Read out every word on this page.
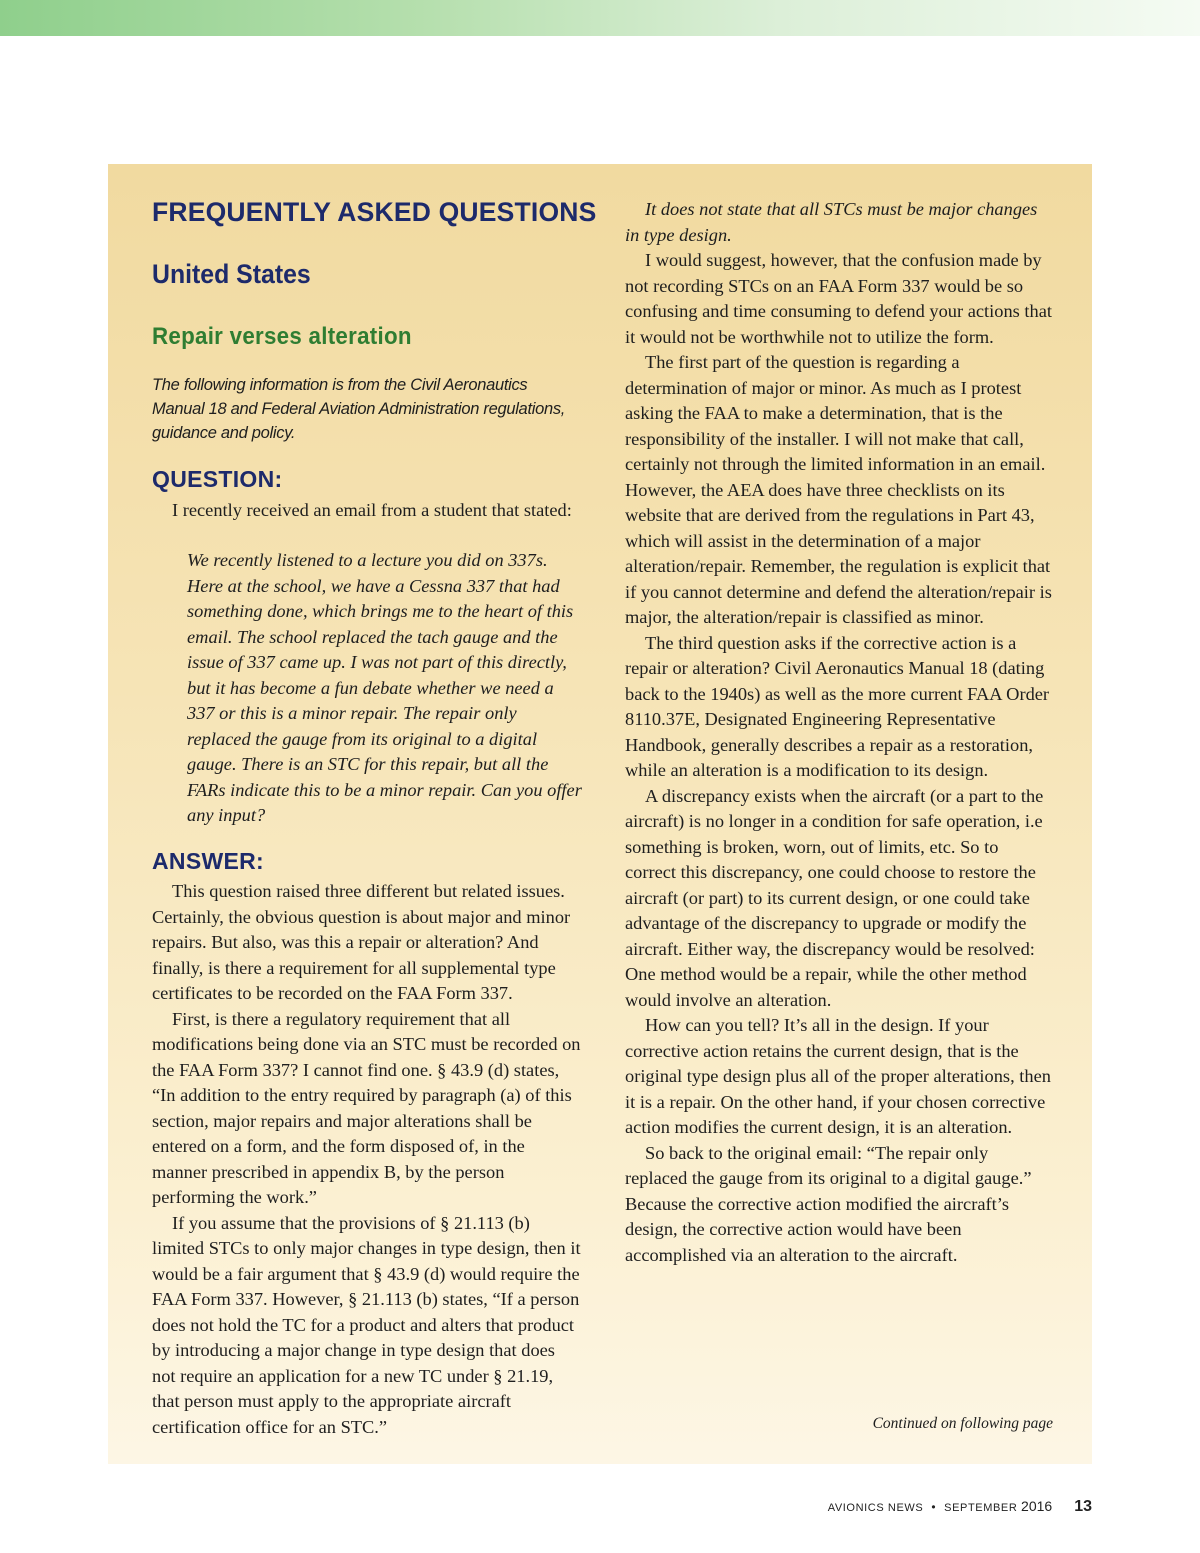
FREQUENTLY ASKED QUESTIONS
United States
Repair verses alteration

The following information is from the Civil Aeronautics Manual 18 and Federal Aviation Administration regulations, guidance and policy.

QUESTION:

I recently received an email from a student that stated:

We recently listened to a lecture you did on 337s. Here at the school, we have a Cessna 337 that had something done, which brings me to the heart of this email. The school replaced the tach gauge and the issue of 337 came up. I was not part of this directly, but it has become a fun debate whether we need a 337 or this is a minor repair. The repair only replaced the gauge from its original to a digital gauge. There is an STC for this repair, but all the FARs indicate this to be a minor repair. Can you offer any input?

ANSWER:

This question raised three different but related issues. Certainly, the obvious question is about major and minor repairs. But also, was this a repair or alteration? And finally, is there a requirement for all supplemental type certificates to be recorded on the FAA Form 337.

First, is there a regulatory requirement that all modifications being done via an STC must be recorded on the FAA Form 337? I cannot find one. § 43.9 (d) states, “In addition to the entry required by paragraph (a) of this section, major repairs and major alterations shall be entered on a form, and the form disposed of, in the manner prescribed in appendix B, by the person performing the work.”

If you assume that the provisions of § 21.113 (b) limited STCs to only major changes in type design, then it would be a fair argument that § 43.9 (d) would require the FAA Form 337. However, § 21.113 (b) states, “If a person does not hold the TC for a product and alters that product by introducing a major change in type design that does not require an application for a new TC under § 21.19, that person must apply to the appropriate aircraft certification office for an STC.”

It does not state that all STCs must be major changes in type design.

I would suggest, however, that the confusion made by not recording STCs on an FAA Form 337 would be so confusing and time consuming to defend your actions that it would not be worthwhile not to utilize the form.

The first part of the question is regarding a determination of major or minor. As much as I protest asking the FAA to make a determination, that is the responsibility of the installer. I will not make that call, certainly not through the limited information in an email. However, the AEA does have three checklists on its website that are derived from the regulations in Part 43, which will assist in the determination of a major alteration/repair. Remember, the regulation is explicit that if you cannot determine and defend the alteration/repair is major, the alteration/repair is classified as minor.

The third question asks if the corrective action is a repair or alteration? Civil Aeronautics Manual 18 (dating back to the 1940s) as well as the more current FAA Order 8110.37E, Designated Engineering Representative Handbook, generally describes a repair as a restoration, while an alteration is a modification to its design.

A discrepancy exists when the aircraft (or a part to the aircraft) is no longer in a condition for safe operation, i.e something is broken, worn, out of limits, etc. So to correct this discrepancy, one could choose to restore the aircraft (or part) to its current design, or one could take advantage of the discrepancy to upgrade or modify the aircraft. Either way, the discrepancy would be resolved: One method would be a repair, while the other method would involve an alteration.

How can you tell? It’s all in the design. If your corrective action retains the current design, that is the original type design plus all of the proper alterations, then it is a repair. On the other hand, if your chosen corrective action modifies the current design, it is an alteration.

So back to the original email: “The repair only replaced the gauge from its original to a digital gauge.” Because the corrective action modified the aircraft’s design, the corrective action would have been accomplished via an alteration to the aircraft.

Continued on following page

AVIONICS NEWS • SEPTEMBER 2016 13
